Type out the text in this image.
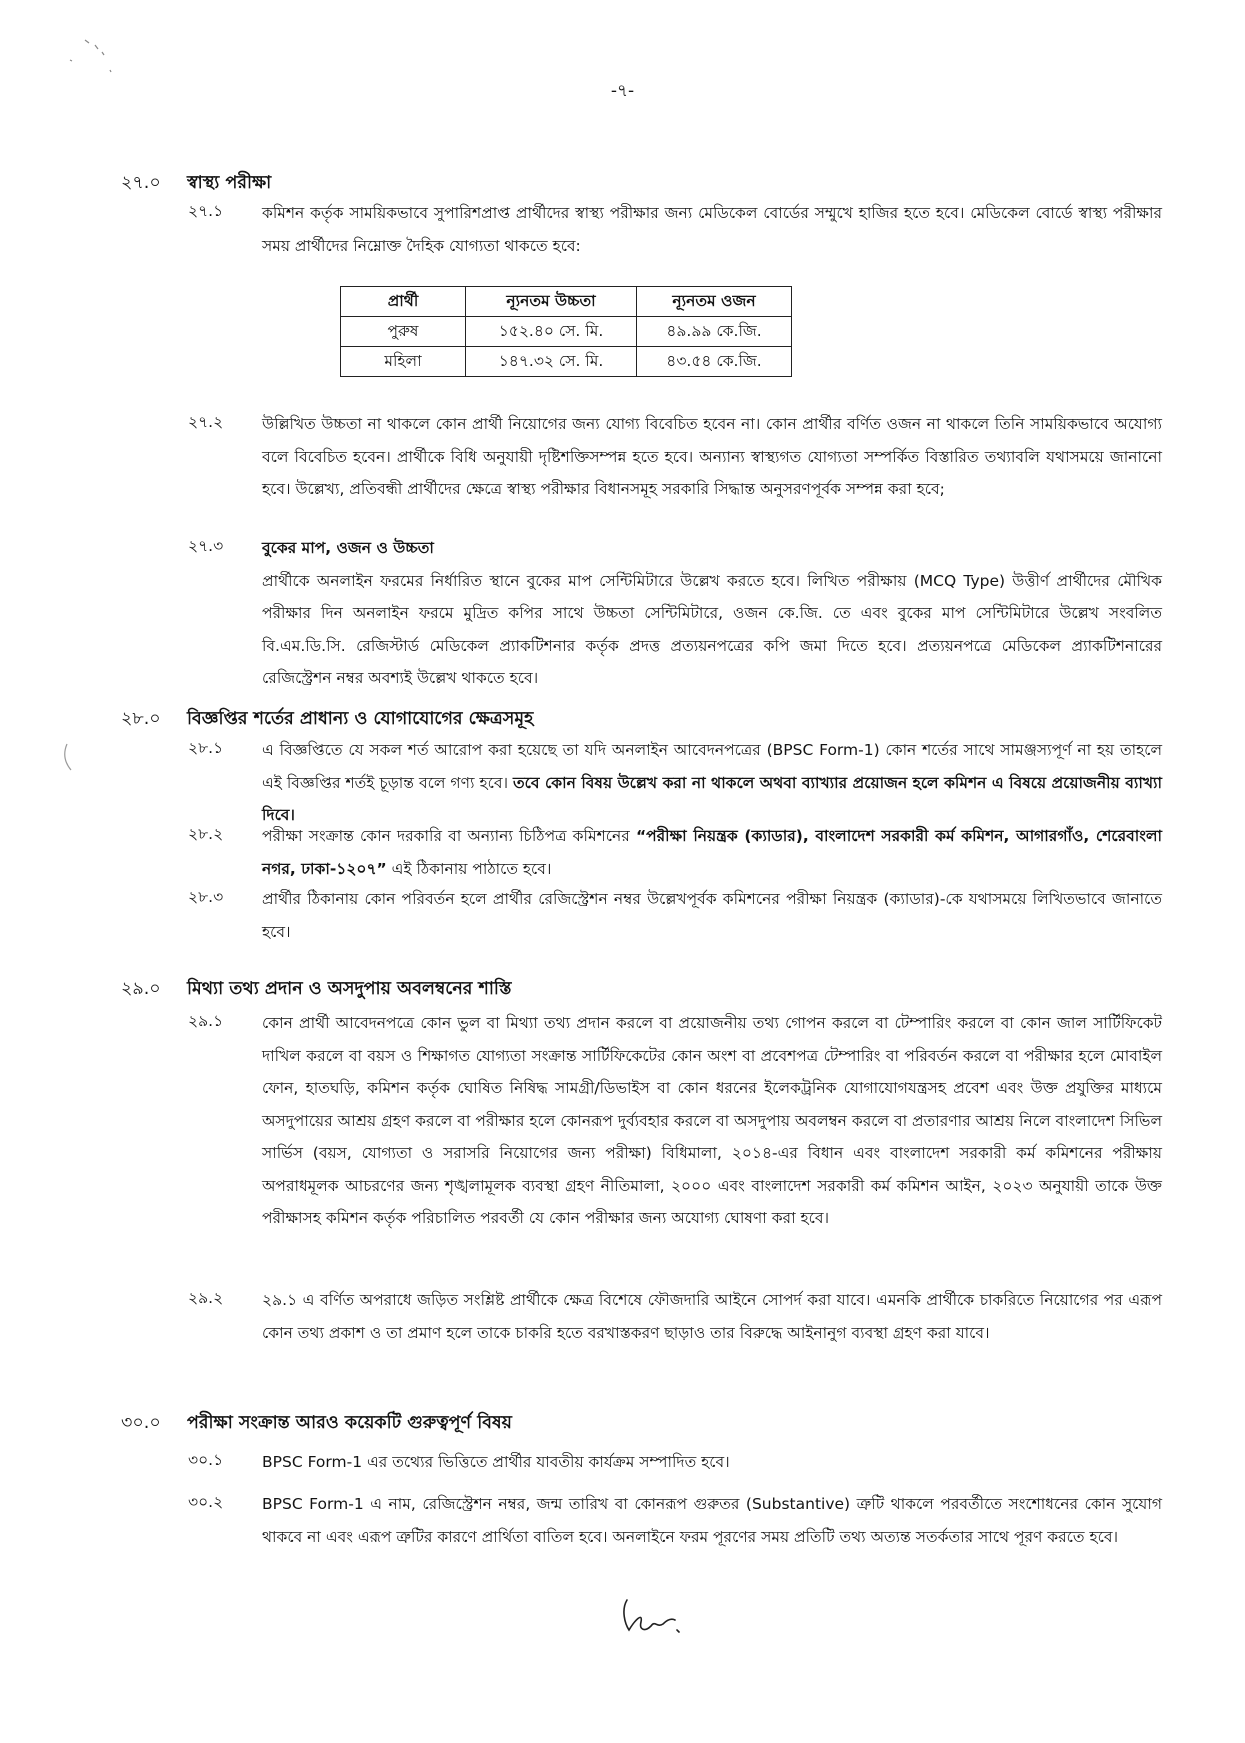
-৭-
২৭.০ স্বাস্থ্য পরীক্ষা
২৭.১	কমিশন কর্তৃক সাময়িকভাবে সুপারিশপ্রাপ্ত প্রার্থীদের স্বাস্থ্য পরীক্ষার জন্য মেডিকেল বোর্ডের সম্মুখে হাজির হতে হবে। মেডিকেল বোর্ডে স্বাস্থ্য পরীক্ষার সময় প্রার্থীদের নিম্নোক্ত দৈহিক যোগ্যতা থাকতে হবে:
প্রার্থী	ন্যূনতম উচ্চতা	ন্যূনতম ওজন
পুরুষ	১৫২.৪০ সে. মি.	৪৯.৯৯ কে.জি.
মহিলা	১৪৭.৩২ সে. মি.	৪৩.৫৪ কে.জি.
২৭.২	উল্লিখিত উচ্চতা না থাকলে কোন প্রার্থী নিয়োগের জন্য যোগ্য বিবেচিত হবেন না। কোন প্রার্থীর বর্ণিত ওজন না থাকলে তিনি সাময়িকভাবে অযোগ্য বলে বিবেচিত হবেন। প্রার্থীকে বিধি অনুযায়ী দৃষ্টিশক্তিসম্পন্ন হতে হবে। অন্যান্য স্বাস্থ্যগত যোগ্যতা সম্পর্কিত বিস্তারিত তথ্যাবলি যথাসময়ে জানানো হবে। উল্লেখ্য, প্রতিবন্ধী প্রার্থীদের ক্ষেত্রে স্বাস্থ্য পরীক্ষার বিধানসমূহ সরকারি সিদ্ধান্ত অনুসরণপূর্বক সম্পন্ন করা হবে;
২৭.৩	বুকের মাপ, ওজন ও উচ্চতা
প্রার্থীকে অনলাইন ফরমের নির্ধারিত স্থানে বুকের মাপ সেন্টিমিটারে উল্লেখ করতে হবে। লিখিত পরীক্ষায় (MCQ Type) উত্তীর্ণ প্রার্থীদের মৌখিক পরীক্ষার দিন অনলাইন ফরমে মুদ্রিত কপির সাথে উচ্চতা সেন্টিমিটারে, ওজন কে.জি. তে এবং বুকের মাপ সেন্টিমিটারে উল্লেখ সংবলিত বি.এম.ডি.সি. রেজিস্টার্ড মেডিকেল প্র্যাকটিশনার কর্তৃক প্রদত্ত প্রত্যয়নপত্রের কপি জমা দিতে হবে। প্রত্যয়নপত্রে মেডিকেল প্র্যাকটিশনারের রেজিস্ট্রেশন নম্বর অবশ্যই উল্লেখ থাকতে হবে।
২৮.০ বিজ্ঞপ্তির শর্তের প্রাধান্য ও যোগাযোগের ক্ষেত্রসমূহ
২৮.১	এ বিজ্ঞপ্তিতে যে সকল শর্ত আরোপ করা হয়েছে তা যদি অনলাইন আবেদনপত্রের (BPSC Form-1) কোন শর্তের সাথে সামঞ্জস্যপূর্ণ না হয় তাহলে এই বিজ্ঞপ্তির শর্তই চূড়ান্ত বলে গণ্য হবে। তবে কোন বিষয় উল্লেখ করা না থাকলে অথবা ব্যাখ্যার প্রয়োজন হলে কমিশন এ বিষয়ে প্রয়োজনীয় ব্যাখ্যা দিবে।
২৮.২	পরীক্ষা সংক্রান্ত কোন দরকারি বা অন্যান্য চিঠিপত্র কমিশনের “পরীক্ষা নিয়ন্ত্রক (ক্যাডার), বাংলাদেশ সরকারী কর্ম কমিশন, আগারগাঁও, শেরেবাংলা নগর, ঢাকা-১২০৭” এই ঠিকানায় পাঠাতে হবে।
২৮.৩	প্রার্থীর ঠিকানায় কোন পরিবর্তন হলে প্রার্থীর রেজিস্ট্রেশন নম্বর উল্লেখপূর্বক কমিশনের পরীক্ষা নিয়ন্ত্রক (ক্যাডার)-কে যথাসময়ে লিখিতভাবে জানাতে হবে।
২৯.০ মিথ্যা তথ্য প্রদান ও অসদুপায় অবলম্বনের শাস্তি
২৯.১	কোন প্রার্থী আবেদনপত্রে কোন ভুল বা মিথ্যা তথ্য প্রদান করলে বা প্রয়োজনীয় তথ্য গোপন করলে বা টেম্পারিং করলে বা কোন জাল সার্টিফিকেট দাখিল করলে বা বয়স ও শিক্ষাগত যোগ্যতা সংক্রান্ত সার্টিফিকেটের কোন অংশ বা প্রবেশপত্র টেম্পারিং বা পরিবর্তন করলে বা পরীক্ষার হলে মোবাইল ফোন, হাতঘড়ি, কমিশন কর্তৃক ঘোষিত নিষিদ্ধ সামগ্রী/ডিভাইস বা কোন ধরনের ইলেকট্রনিক যোগাযোগযন্ত্রসহ প্রবেশ এবং উক্ত প্রযুক্তির মাধ্যমে অসদুপায়ের আশ্রয় গ্রহণ করলে বা পরীক্ষার হলে কোনরূপ দুর্ব্যবহার করলে বা অসদুপায় অবলম্বন করলে বা প্রতারণার আশ্রয় নিলে বাংলাদেশ সিভিল সার্ভিস (বয়স, যোগ্যতা ও সরাসরি নিয়োগের জন্য পরীক্ষা) বিধিমালা, ২০১৪-এর বিধান এবং বাংলাদেশ সরকারী কর্ম কমিশনের পরীক্ষায় অপরাধমূলক আচরণের জন্য শৃঙ্খলামূলক ব্যবস্থা গ্রহণ নীতিমালা, ২০০০ এবং বাংলাদেশ সরকারী কর্ম কমিশন আইন, ২০২৩ অনুযায়ী তাকে উক্ত পরীক্ষাসহ কমিশন কর্তৃক পরিচালিত পরবর্তী যে কোন পরীক্ষার জন্য অযোগ্য ঘোষণা করা হবে।
২৯.২	২৯.১ এ বর্ণিত অপরাধে জড়িত সংশ্লিষ্ট প্রার্থীকে ক্ষেত্র বিশেষে ফৌজদারি আইনে সোপর্দ করা যাবে। এমনকি প্রার্থীকে চাকরিতে নিয়োগের পর এরূপ কোন তথ্য প্রকাশ ও তা প্রমাণ হলে তাকে চাকরি হতে বরখাস্তকরণ ছাড়াও তার বিরুদ্ধে আইনানুগ ব্যবস্থা গ্রহণ করা যাবে।
৩০.০ পরীক্ষা সংক্রান্ত আরও কয়েকটি গুরুত্বপূর্ণ বিষয়
৩০.১	BPSC Form-1 এর তথ্যের ভিত্তিতে প্রার্থীর যাবতীয় কার্যক্রম সম্পাদিত হবে।
৩০.২	BPSC Form-1 এ নাম, রেজিস্ট্রেশন নম্বর, জন্ম তারিখ বা কোনরূপ গুরুতর (Substantive) ত্রুটি থাকলে পরবর্তীতে সংশোধনের কোন সুযোগ থাকবে না এবং এরূপ ত্রুটির কারণে প্রার্থিতা বাতিল হবে। অনলাইনে ফরম পূরণের সময় প্রতিটি তথ্য অত্যন্ত সতর্কতার সাথে পূরণ করতে হবে।
